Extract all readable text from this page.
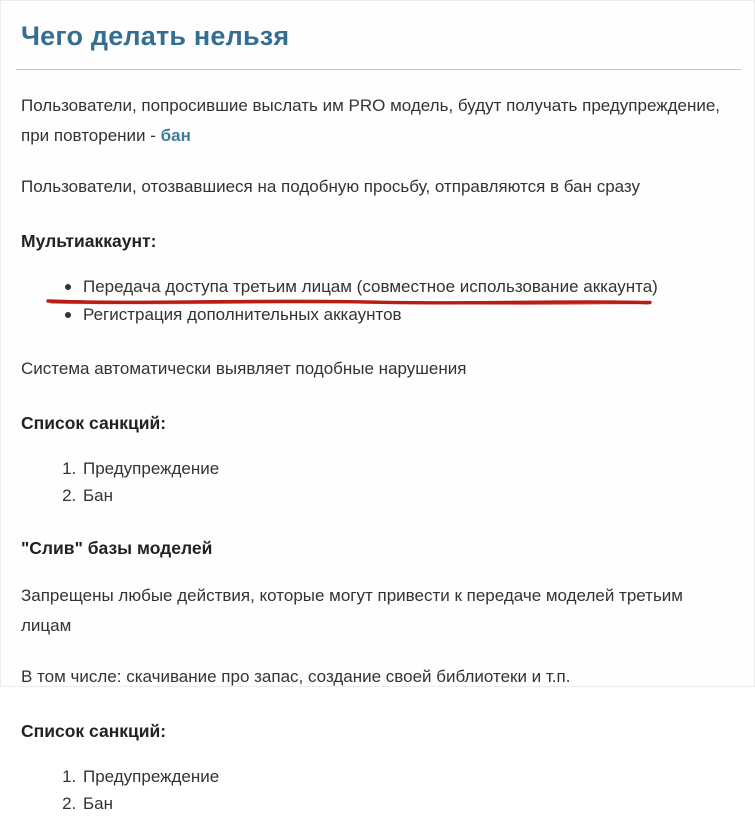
Чего делать нельзя

Пользователи, попросившие выслать им PRO модель, будут получать предупреждение, при повторении - бан

Пользователи, отозвавшиеся на подобную просьбу, отправляются в бан сразу

Мультиаккаунт:
Передача доступа третьим лицам (совместное использование аккаунта)
Регистрация дополнительных аккаунтов

Система автоматически выявляет подобные нарушения

Список санкций:
1. Предупреждение
2. Бан
"Слив" базы моделей

Запрещены любые действия, которые могут привести к передаче моделей третьим лицам

В том числе: скачивание про запас, создание своей библиотеки и т.п.

Список санкций:
1. Предупреждение
2. Бан
